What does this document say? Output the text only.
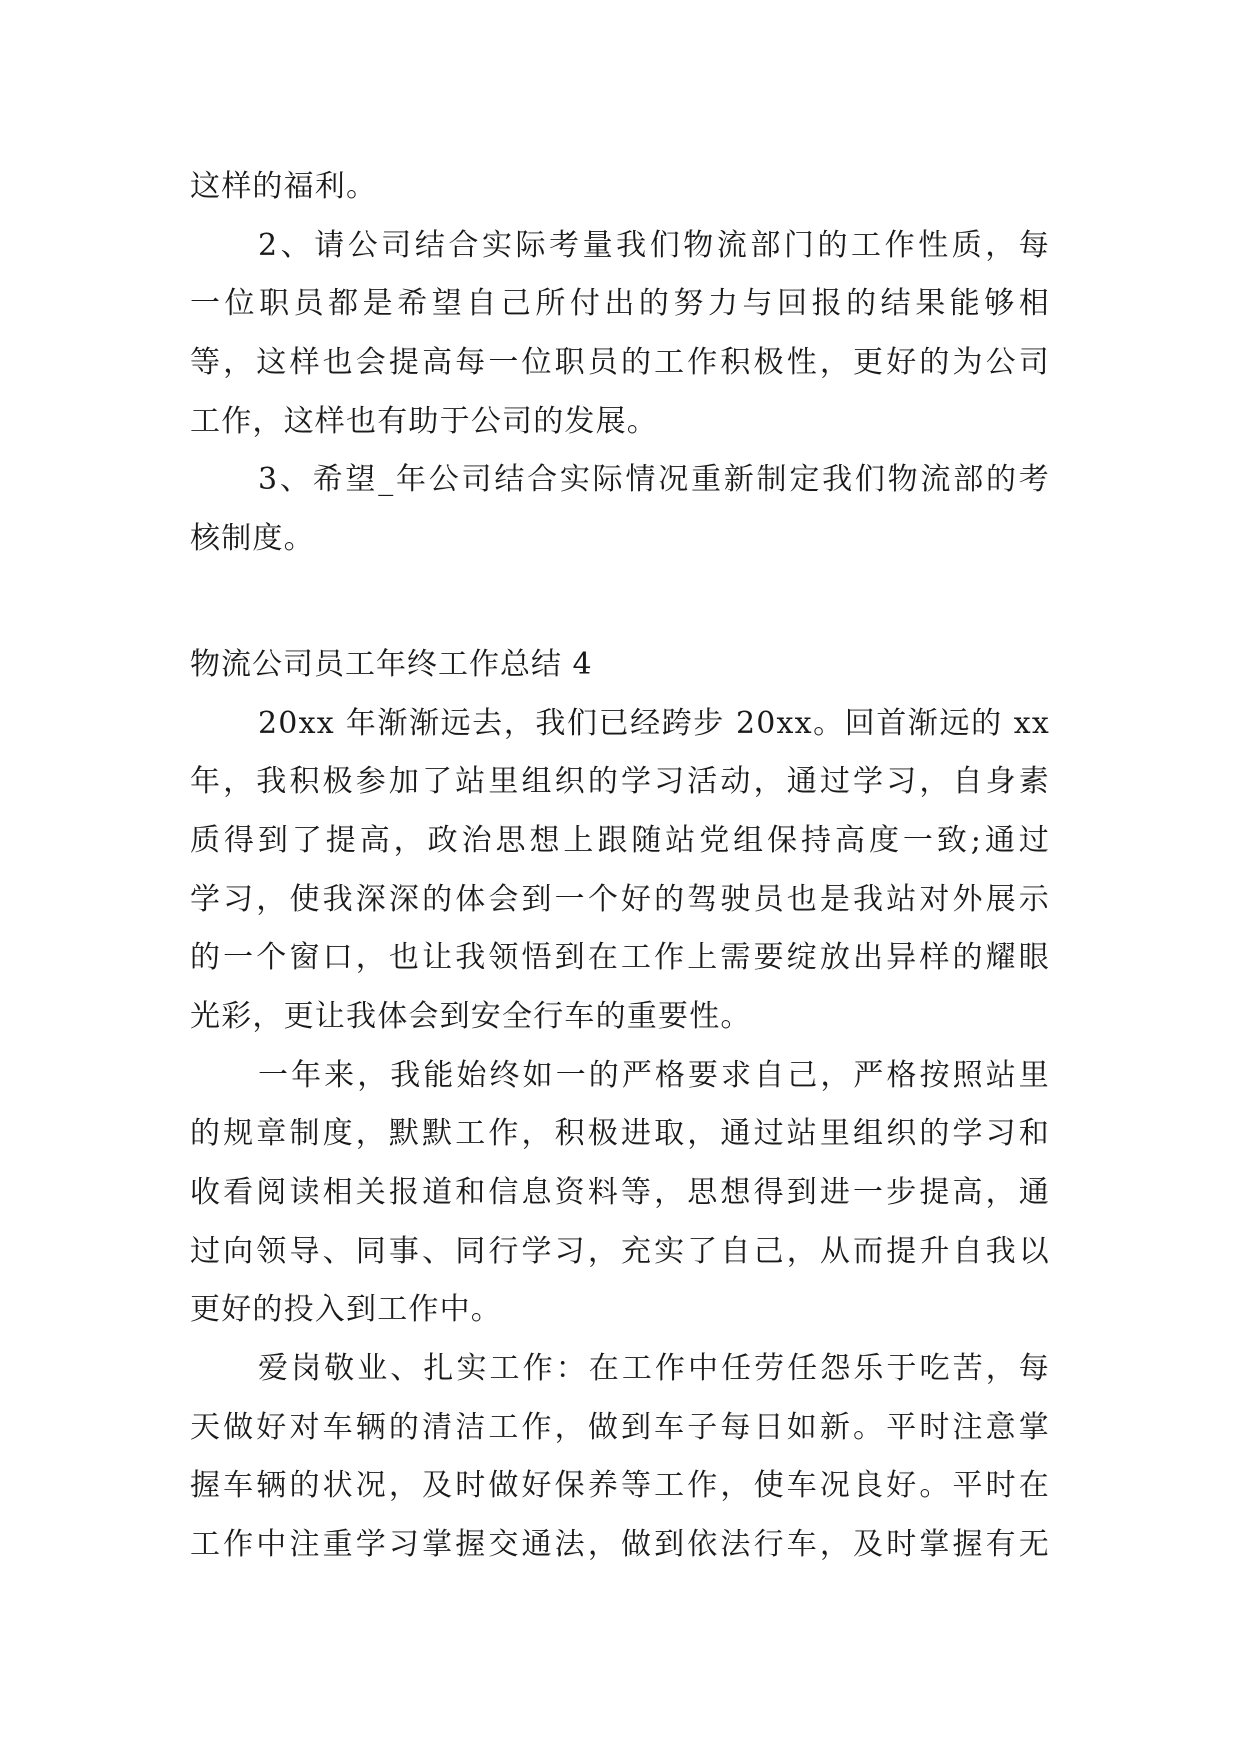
这样的福利。
2、请公司结合实际考量我们物流部门的工作性质，每
一位职员都是希望自己所付出的努力与回报的结果能够相
等，这样也会提高每一位职员的工作积极性，更好的为公司
工作，这样也有助于公司的发展。
3、希望_年公司结合实际情况重新制定我们物流部的考
核制度。
物流公司员工年终工作总结 4
20xx 年渐渐远去，我们已经跨步 20xx。回首渐远的 xx
年，我积极参加了站里组织的学习活动，通过学习，自身素
质得到了提高，政治思想上跟随站党组保持高度一致;通过
学习，使我深深的体会到一个好的驾驶员也是我站对外展示
的一个窗口，也让我领悟到在工作上需要绽放出异样的耀眼
光彩，更让我体会到安全行车的重要性。
一年来，我能始终如一的严格要求自己，严格按照站里
的规章制度，默默工作，积极进取，通过站里组织的学习和
收看阅读相关报道和信息资料等，思想得到进一步提高，通
过向领导、同事、同行学习，充实了自己，从而提升自我以
更好的投入到工作中。
爱岗敬业、扎实工作：在工作中任劳任怨乐于吃苦，每
天做好对车辆的清洁工作，做到车子每日如新。平时注意掌
握车辆的状况，及时做好保养等工作，使车况良好。平时在
工作中注重学习掌握交通法，做到依法行车，及时掌握有无
